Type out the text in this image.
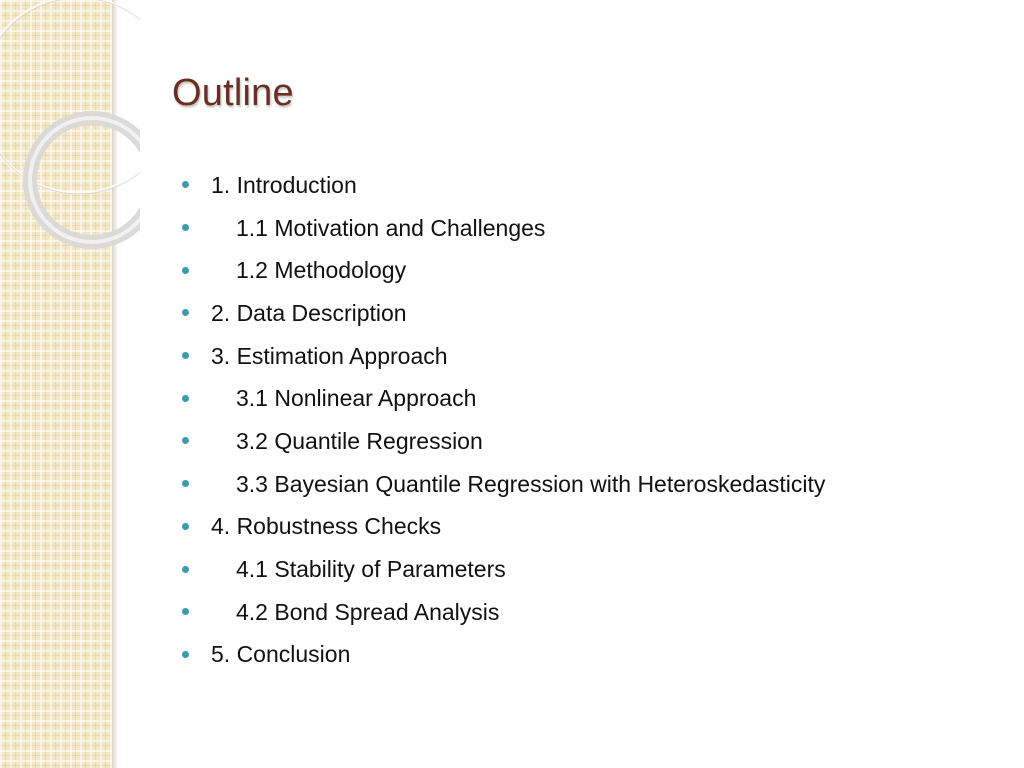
Outline
1. Introduction
1.1 Motivation and Challenges
1.2 Methodology
2. Data Description
3. Estimation Approach
3.1 Nonlinear Approach
3.2 Quantile Regression
3.3 Bayesian Quantile Regression with Heteroskedasticity
4. Robustness Checks
4.1 Stability of Parameters
4.2 Bond Spread Analysis
5. Conclusion
